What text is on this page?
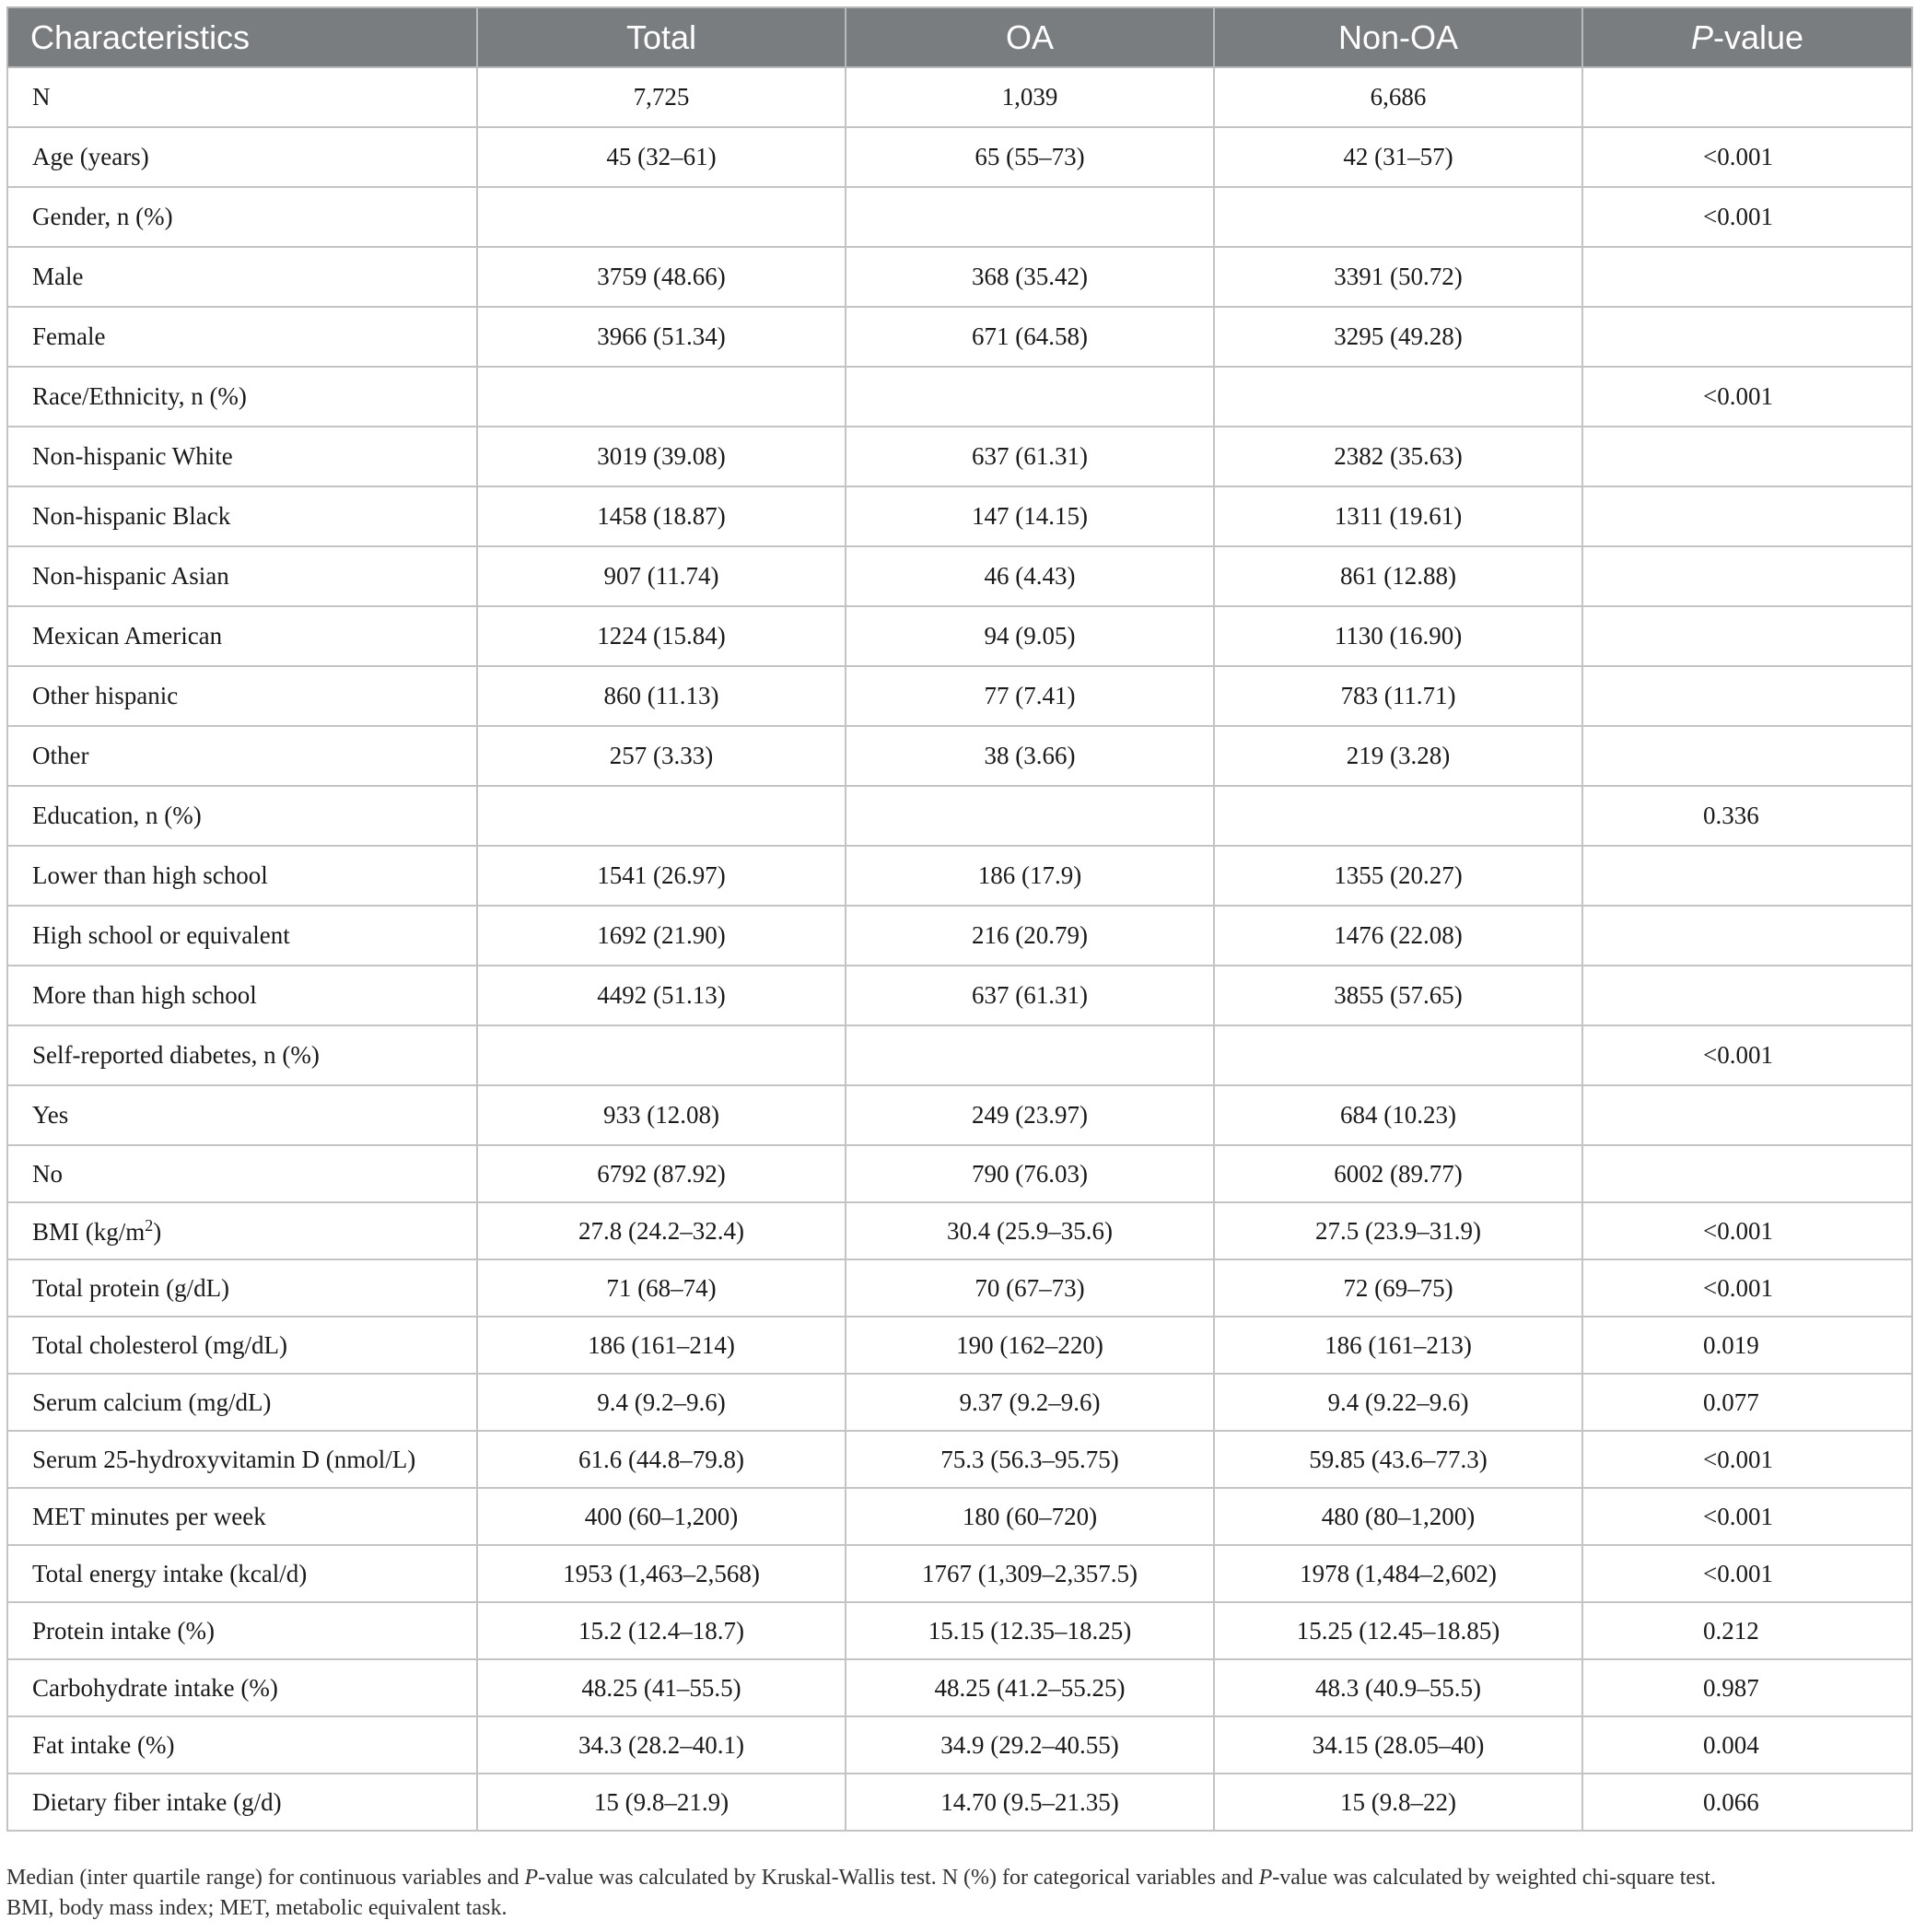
Characteristics	Total	OA	Non-OA	P-value
N	7,725	1,039	6,686	
Age (years)	45 (32–61)	65 (55–73)	42 (31–57)	<0.001
Gender, n (%)				<0.001
Male	3759 (48.66)	368 (35.42)	3391 (50.72)	
Female	3966 (51.34)	671 (64.58)	3295 (49.28)	
Race/Ethnicity, n (%)				<0.001
Non-hispanic White	3019 (39.08)	637 (61.31)	2382 (35.63)	
Non-hispanic Black	1458 (18.87)	147 (14.15)	1311 (19.61)	
Non-hispanic Asian	907 (11.74)	46 (4.43)	861 (12.88)	
Mexican American	1224 (15.84)	94 (9.05)	1130 (16.90)	
Other hispanic	860 (11.13)	77 (7.41)	783 (11.71)	
Other	257 (3.33)	38 (3.66)	219 (3.28)	
Education, n (%)				0.336
Lower than high school	1541 (26.97)	186 (17.9)	1355 (20.27)	
High school or equivalent	1692 (21.90)	216 (20.79)	1476 (22.08)	
More than high school	4492 (51.13)	637 (61.31)	3855 (57.65)	
Self-reported diabetes, n (%)				<0.001
Yes	933 (12.08)	249 (23.97)	684 (10.23)	
No	6792 (87.92)	790 (76.03)	6002 (89.77)	
BMI $(kg/m^2)$	27.8 (24.2–32.4)	30.4 (25.9–35.6)	27.5 (23.9–31.9)	<0.001
Total protein (g/dL)	71 (68–74)	70 (67–73)	72 (69–75)	<0.001
Total cholesterol (mg/dL)	186 (161–214)	190 (162–220)	186 (161–213)	0.019
Serum calcium (mg/dL)	9.4 (9.2–9.6)	9.37 (9.2–9.6)	9.4 (9.22–9.6)	0.077
Serum 25-hydroxyvitamin D (nmol/L)	61.6 (44.8–79.8)	75.3 (56.3–95.75)	59.85 (43.6–77.3)	<0.001
MET minutes per week	400 (60–1,200)	180 (60–720)	480 (80–1,200)	<0.001
Total energy intake (kcal/d)	1953 (1,463–2,568)	1767 (1,309–2,357.5)	1978 (1,484–2,602)	<0.001
Protein intake (%)	15.2 (12.4–18.7)	15.15 (12.35–18.25)	15.25 (12.45–18.85)	0.212
Carbohydrate intake (%)	48.25 (41–55.5)	48.25 (41.2–55.25)	48.3 (40.9–55.5)	0.987
Fat intake (%)	34.3 (28.2–40.1)	34.9 (29.2–40.55)	34.15 (28.05–40)	0.004
Dietary fiber intake (g/d)	15 (9.8–21.9)	14.70 (9.5–21.35)	15 (9.8–22)	0.066

Median (inter quartile range) for continuous variables and P-value was calculated by Kruskal-Wallis test. N (%) for categorical variables and P-value was calculated by weighted chi-square test.

BMI, body mass index; MET, metabolic equivalent task.
